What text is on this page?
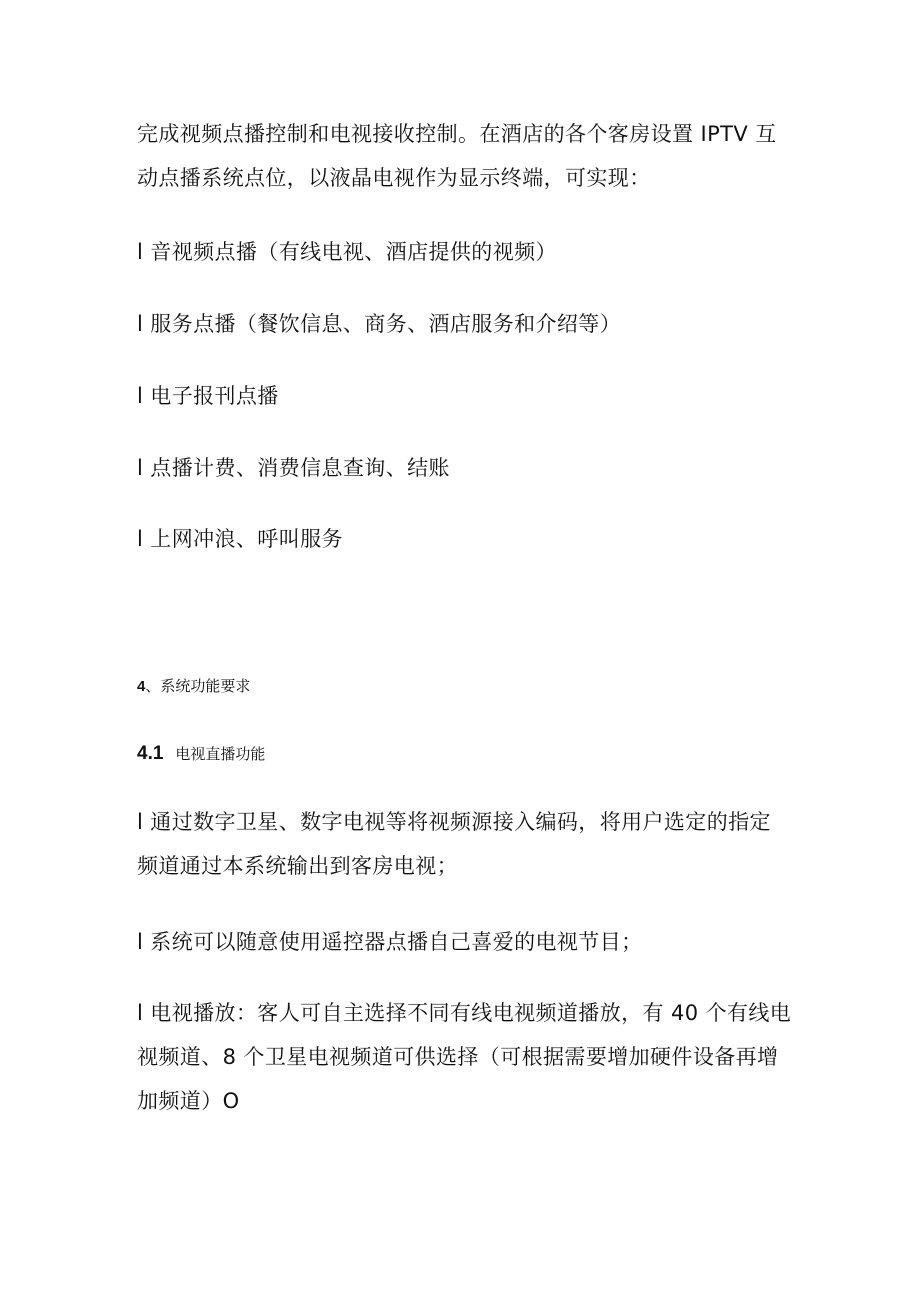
完成视频点播控制和电视接收控制。在酒店的各个客房设置 IPTV 互
动点播系统点位，以液晶电视作为显示终端，可实现：
l 音视频点播（有线电视、酒店提供的视频）
l 服务点播（餐饮信息、商务、酒店服务和介绍等）
l 电子报刊点播
l 点播计费、消费信息查询、结账
l 上网冲浪、呼叫服务
4、系统功能要求
4.1 电视直播功能
l 通过数字卫星、数字电视等将视频源接入编码，将用户选定的指定
频道通过本系统输出到客房电视；
l 系统可以随意使用遥控器点播自己喜爱的电视节目；
l 电视播放：客人可自主选择不同有线电视频道播放，有 40 个有线电
视频道、8 个卫星电视频道可供选择（可根据需要增加硬件设备再增
加频道）O
